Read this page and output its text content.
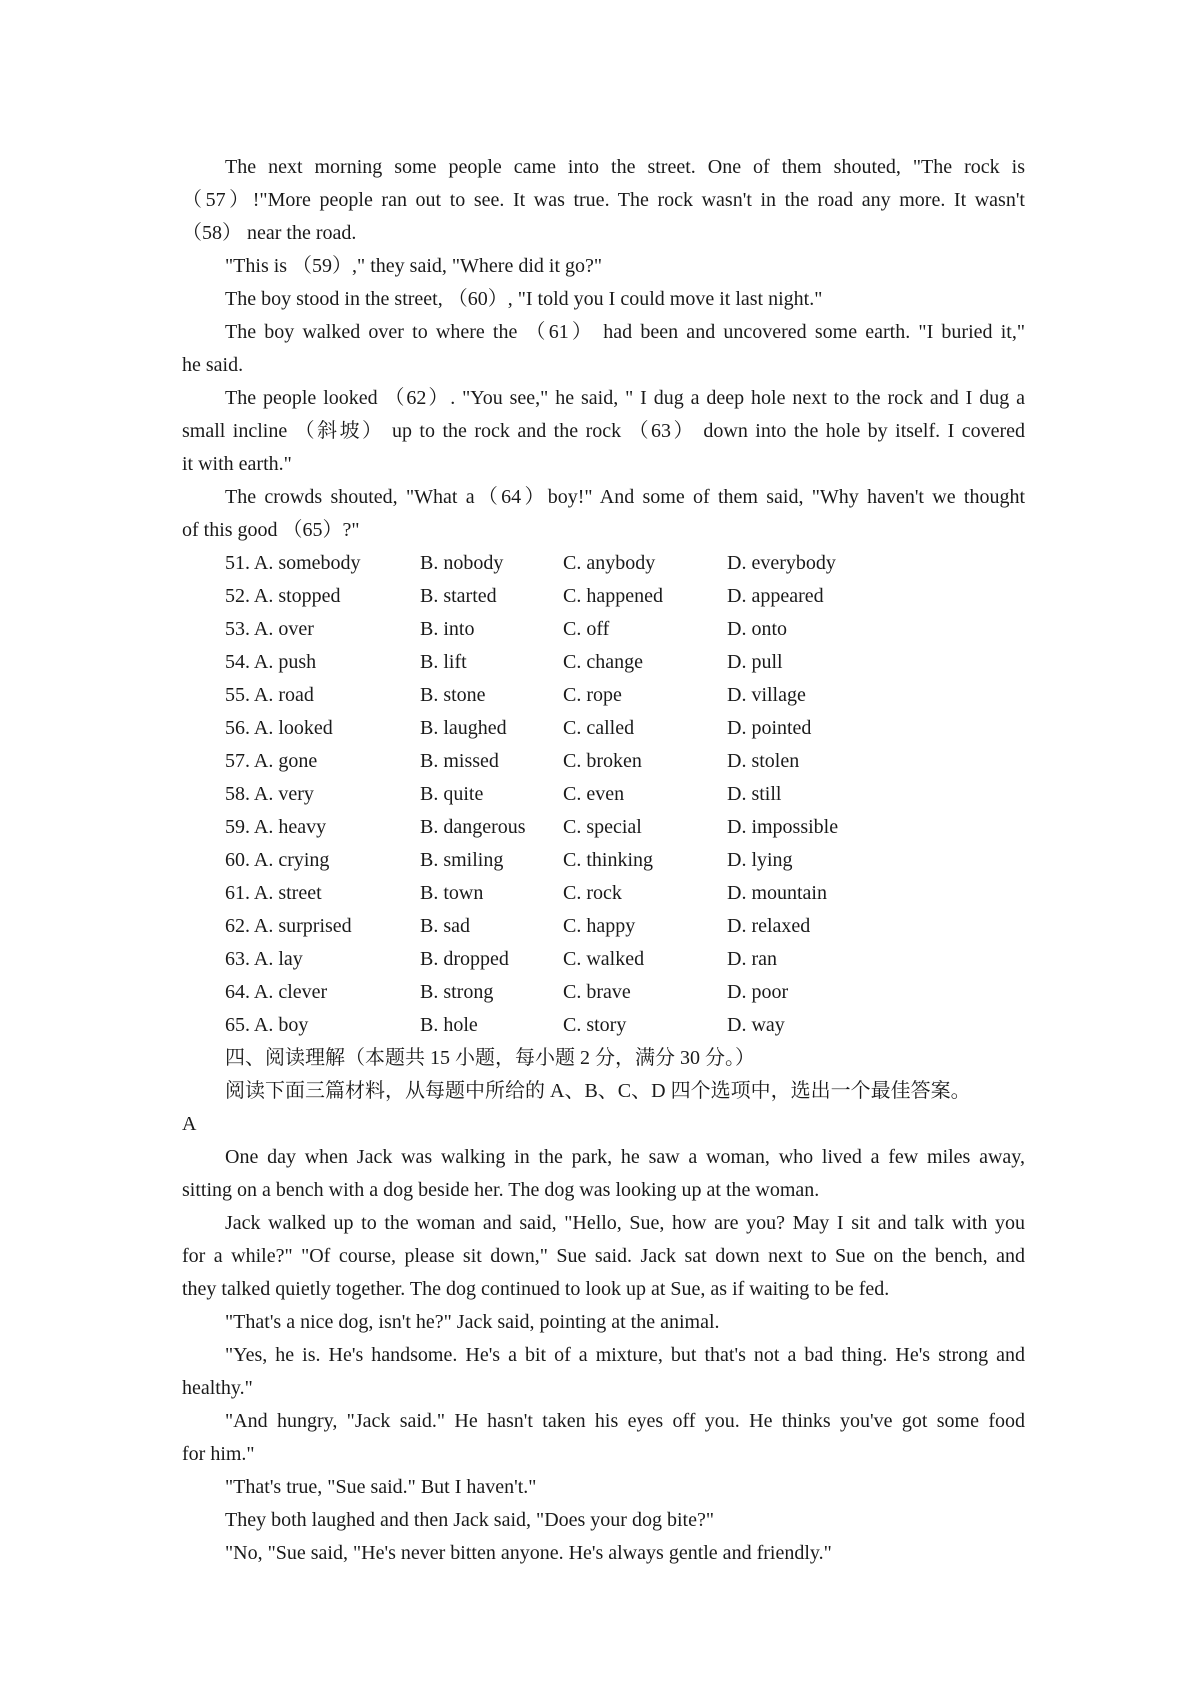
The next morning some people came into the street. One of them shouted, "The rock is
（57）!"More people ran out to see. It was true. The rock wasn't in the road any more. It wasn't
（58） near the road.
"This is （59）," they said, "Where did it go?"
The boy stood in the street, （60）, "I told you I could move it last night."
The boy walked over to where the （61） had been and uncovered some earth. "I buried it,"
he said.
The people looked （62）. "You see," he said, " I dug a deep hole next to the rock and I dug a
small incline （斜坡） up to the rock and the rock （63） down into the hole by itself. I covered
it with earth."
The crowds shouted, "What a（64）boy!" And some of them said, "Why haven't we thought
of this good （65）?"
51. A. somebody	B. nobody	C. anybody	D. everybody
52. A. stopped	B. started	C. happened	D. appeared
53. A. over	B. into	C. off	D. onto
54. A. push	B. lift	C. change	D. pull
55. A. road	B. stone	C. rope	D. village
56. A. looked	B. laughed	C. called	D. pointed
57. A. gone	B. missed	C. broken	D. stolen
58. A. very	B. quite	C. even	D. still
59. A. heavy	B. dangerous C. special	D. impossible
60. A. crying	B. smiling	C. thinking	D. lying
61. A. street	B. town	C. rock	D. mountain
62. A. surprised	B. sad	C. happy	D. relaxed
63. A. lay	B. dropped	C. walked	D. ran
64. A. clever	B. strong	C. brave	D. poor
65. A. boy	B. hole	C. story	D. way
四、阅读理解（本题共 15 小题，每小题 2 分，满分 30 分。）
阅读下面三篇材料，从每题中所给的 A、B、C、D 四个选项中，选出一个最佳答案。
A
One day when Jack was walking in the park, he saw a woman, who lived a few miles away,
sitting on a bench with a dog beside her. The dog was looking up at the woman.
Jack walked up to the woman and said, "Hello, Sue, how are you? May I sit and talk with you
for a while?" "Of course, please sit down," Sue said. Jack sat down next to Sue on the bench, and
they talked quietly together. The dog continued to look up at Sue, as if waiting to be fed.
"That's a nice dog, isn't he?" Jack said, pointing at the animal.
"Yes, he is. He's handsome. He's a bit of a mixture, but that's not a bad thing. He's strong and
healthy."
"And hungry, "Jack said." He hasn't taken his eyes off you. He thinks you've got some food
for him."
"That's true, "Sue said." But I haven't."
They both laughed and then Jack said, "Does your dog bite?"
"No, "Sue said, "He's never bitten anyone. He's always gentle and friendly."
